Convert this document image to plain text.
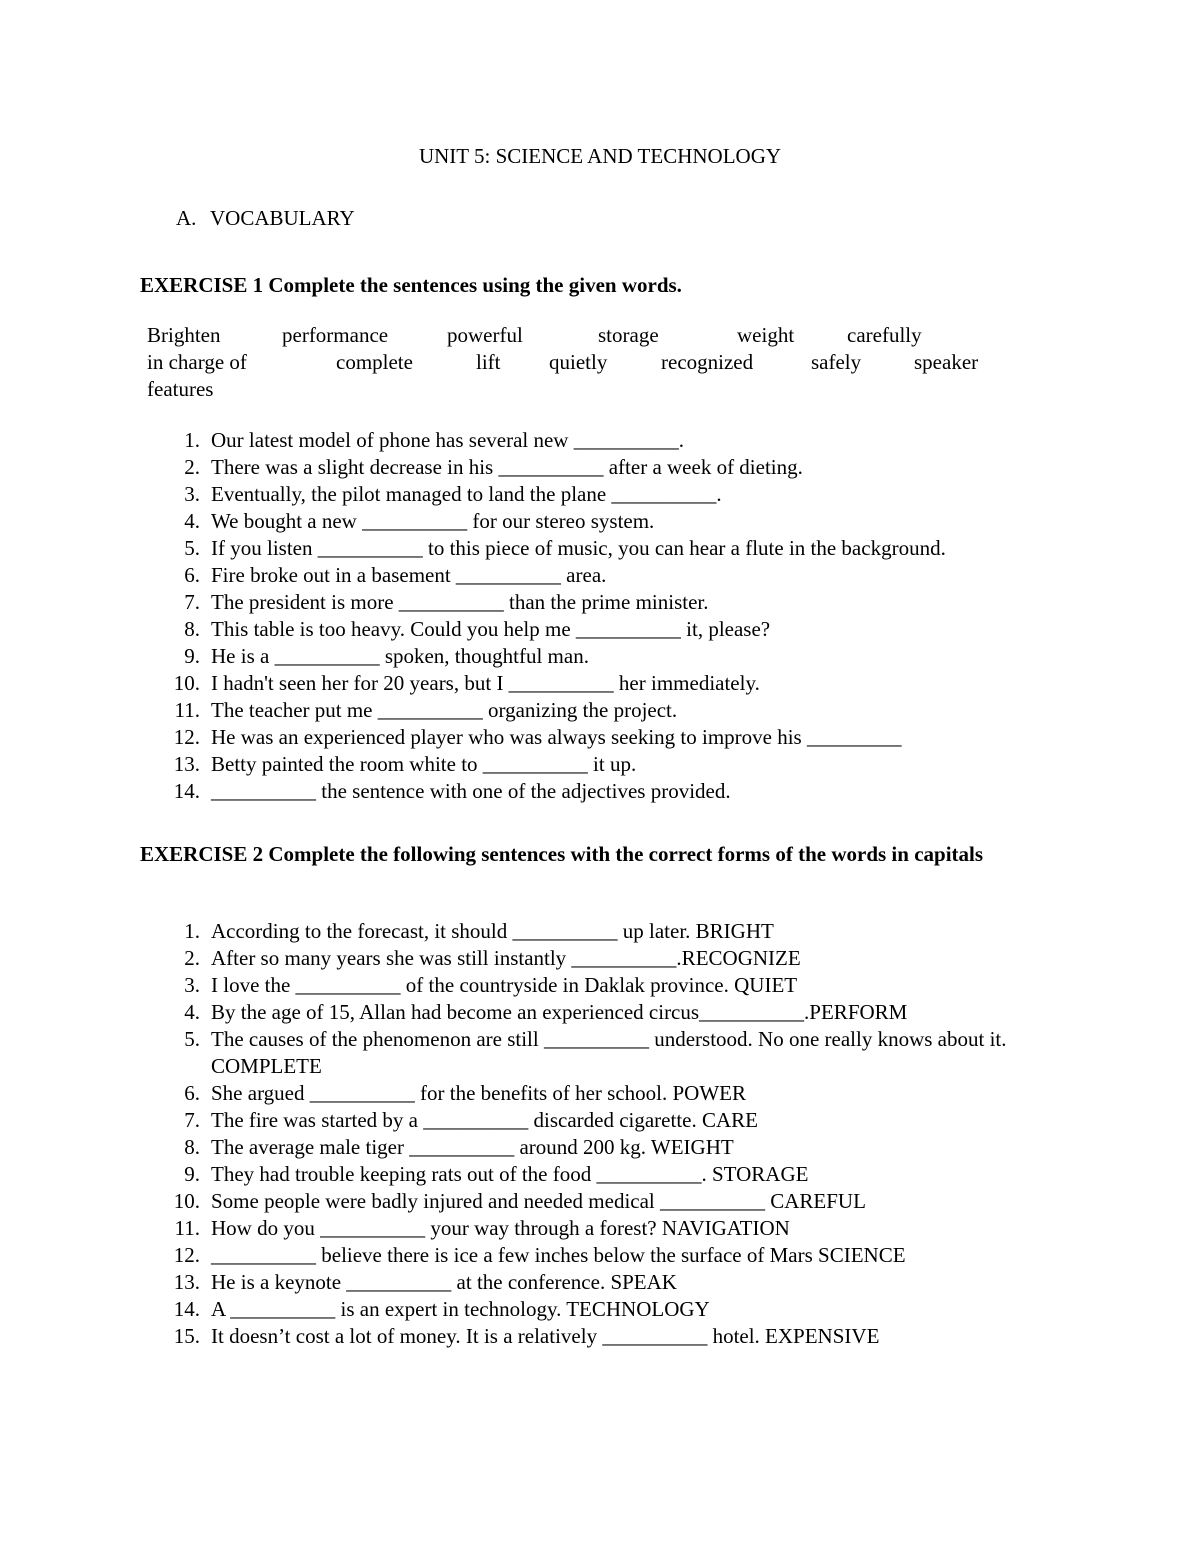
UNIT 5: SCIENCE AND TECHNOLOGY
A. VOCABULARY
EXERCISE 1 Complete the sentences using the given words.
Brighten	performance	powerful	storage	weight	carefully
in charge of	complete	lift quietly	recognized	safely	speaker
features
1. Our latest model of phone has several new __________.
2. There was a slight decrease in his __________ after a week of dieting.
3. Eventually, the pilot managed to land the plane __________.
4. We bought a new __________ for our stereo system.
5. If you listen __________ to this piece of music, you can hear a flute in the background.
6. Fire broke out in a basement __________ area.
7. The president is more __________ than the prime minister.
8. This table is too heavy. Could you help me __________ it, please?
9. He is a __________ spoken, thoughtful man.
10. I hadn't seen her for 20 years, but I __________ her immediately.
11. The teacher put me __________ organizing the project.
12. He was an experienced player who was always seeking to improve his _________
13. Betty painted the room white to __________ it up.
14. __________ the sentence with one of the adjectives provided.
EXERCISE 2 Complete the following sentences with the correct forms of the words in capitals
1. According to the forecast, it should __________ up later. BRIGHT
2. After so many years she was still instantly __________.RECOGNIZE
3. I love the __________ of the countryside in Daklak province. QUIET
4. By the age of 15, Allan had become an experienced circus__________.PERFORM
5. The causes of the phenomenon are still __________ understood. No one really knows about it. COMPLETE
6. She argued __________ for the benefits of her school. POWER
7. The fire was started by a __________ discarded cigarette. CARE
8. The average male tiger __________ around 200 kg. WEIGHT
9. They had trouble keeping rats out of the food __________. STORAGE
10. Some people were badly injured and needed medical __________ CAREFUL
11. How do you __________ your way through a forest? NAVIGATION
12. __________ believe there is ice a few inches below the surface of Mars SCIENCE
13. He is a keynote __________ at the conference. SPEAK
14. A __________ is an expert in technology. TECHNOLOGY
15. It doesn’t cost a lot of money. It is a relatively __________ hotel. EXPENSIVE
